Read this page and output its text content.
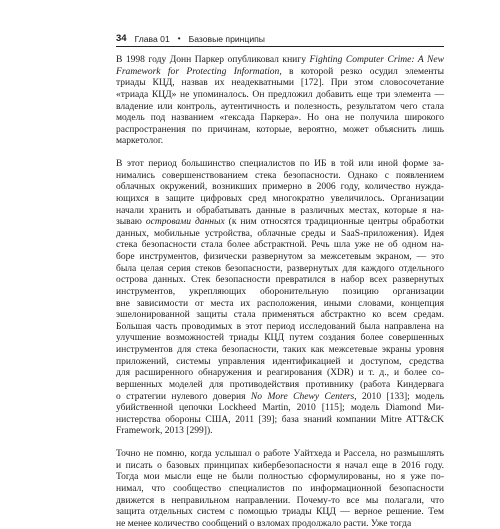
34 Глава 01 • Базовые принципы

В 1998 году Донн Паркер опубликовал книгу Fighting Computer Crime: A New
Framework for Protecting Information, в которой резко осудил элементы
триады КЦД, назвав их неадекватными [172]. При этом словосочетание
«триада КЦД» не упоминалось. Он предложил добавить еще три элемента —
владение или контроль, аутентичность и полезность, результатом чего стала
модель под названием «гексада Паркера». Но она не получила широкого
распространения по причинам, которые, вероятно, может объяснить лишь
маркетолог.

В этот период большинство специалистов по ИБ в той или иной форме за-
нимались совершенствованием стека безопасности. Однако с появлением
облачных окружений, возникших примерно в 2006 году, количество нужда-
ющихся в защите цифровых сред многократно увеличилось. Организации
начали хранить и обрабатывать данные в различных местах, которые я на-
зываю островами данных (к ним относятся традиционные центры обработки
данных, мобильные устройства, облачные среды и SaaS-приложения). Идея
стека безопасности стала более абстрактной. Речь шла уже не об одном на-
боре инструментов, физически развернутом за межсетевым экраном, — это
была целая серия стеков безопасности, развернутых для каждого отдельного
острова данных. Стек безопасности превратился в набор всех развернутых
инструментов, укрепляющих оборонительную позицию организации
вне зависимости от места их расположения, иными словами, концепция
эшелонированной защиты стала применяться абстрактно ко всем средам.
Большая часть проводимых в этот период исследований была направлена на
улучшение возможностей триады КЦД путем создания более совершенных
инструментов для стека безопасности, таких как межсетевые экраны уровня
приложений, системы управления идентификацией и доступом, средства
для расширенного обнаружения и реагирования (XDR) и т. д., и более со-
вершенных моделей для противодействия противнику (работа Киндервага
о стратегии нулевого доверия No More Chewy Centers, 2010 [133]; модель
убийственной цепочки Lockheed Martin, 2010 [115]; модель Diamond Ми-
нистерства обороны США, 2011 [39]; база знаний компании Mitre ATT&CK
Framework, 2013 [299]).

Точно не помню, когда услышал о работе Уайтхеда и Рассела, но размышлять
и писать о базовых принципах кибербезопасности я начал еще в 2016 году.
Тогда мои мысли еще не были полностью сформулированы, но я уже по-
нимал, что сообщество специалистов по информационной безопасности
движется в неправильном направлении. Почему-то все мы полагали, что
защита отдельных систем с помощью триады КЦД — верное решение. Тем
не менее количество сообщений о взломах продолжало расти. Уже тогда
